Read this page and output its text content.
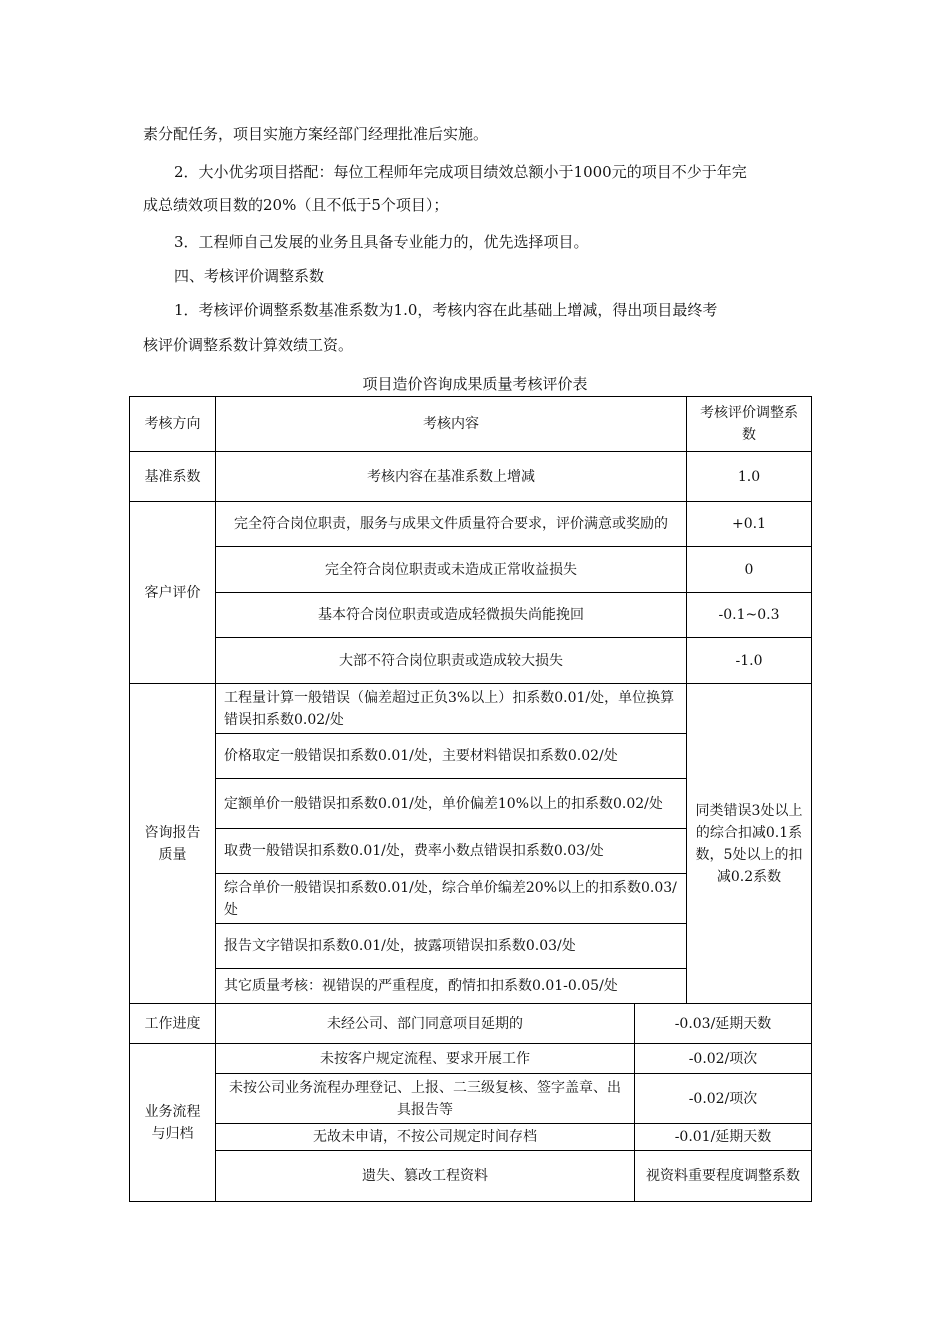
素分配任务，项目实施方案经部门经理批准后实施。
2．大小优劣项目搭配：每位工程师年完成项目绩效总额小于1000元的项目不少于年完
成总绩效项目数的20%（且不低于5个项目）；
3．工程师自己发展的业务且具备专业能力的，优先选择项目。
四、考核评价调整系数
1．考核评价调整系数基准系数为1.0，考核内容在此基础上增减，得出项目最终考
核评价调整系数计算效绩工资。
项目造价咨询成果质量考核评价表
考核方向	考核内容		考核评价调整系数
基准系数	考核内容在基准系数上增减		1.0
客户评价	完全符合岗位职责，服务与成果文件质量符合要求，评价满意或奖励的		+0.1
	完全符合岗位职责或未造成正常收益损失		0
	基本符合岗位职责或造成轻微损失尚能挽回		-0.1~0.3
	大部不符合岗位职责或造成较大损失		-1.0
咨询报告质量	工程量计算一般错误（偏差超过正负3%以上）扣系数0.01/处，单位换算错误扣系数0.02/处		同类错误3处以上的综合扣减0.1系数，5处以上的扣减0.2系数
	价格取定一般错误扣系数0.01/处，主要材料错误扣系数0.02/处		
	定额单价一般错误扣系数0.01/处，单价偏差10%以上的扣系数0.02/处		
	取费一般错误扣系数0.01/处，费率小数点错误扣系数0.03/处		
	综合单价一般错误扣系数0.01/处，综合单价编差20%以上的扣系数0.03/处		
	报告文字错误扣系数0.01/处，披露项错误扣系数0.03/处		
	其它质量考核：视错误的严重程度，酌情扣扣系数0.01-0.05/处		
工作进度	未经公司、部门同意项目延期的	-0.03/延期天数	
业务流程与归档	未按客户规定流程、要求开展工作	-0.02/项次	
	未按公司业务流程办理登记、上报、二三级复核、签字盖章、出具报告等	-0.02/项次	
	无故未申请，不按公司规定时间存档	-0.01/延期天数	
	遗失、篡改工程资料	视资料重要程度调整系数	
